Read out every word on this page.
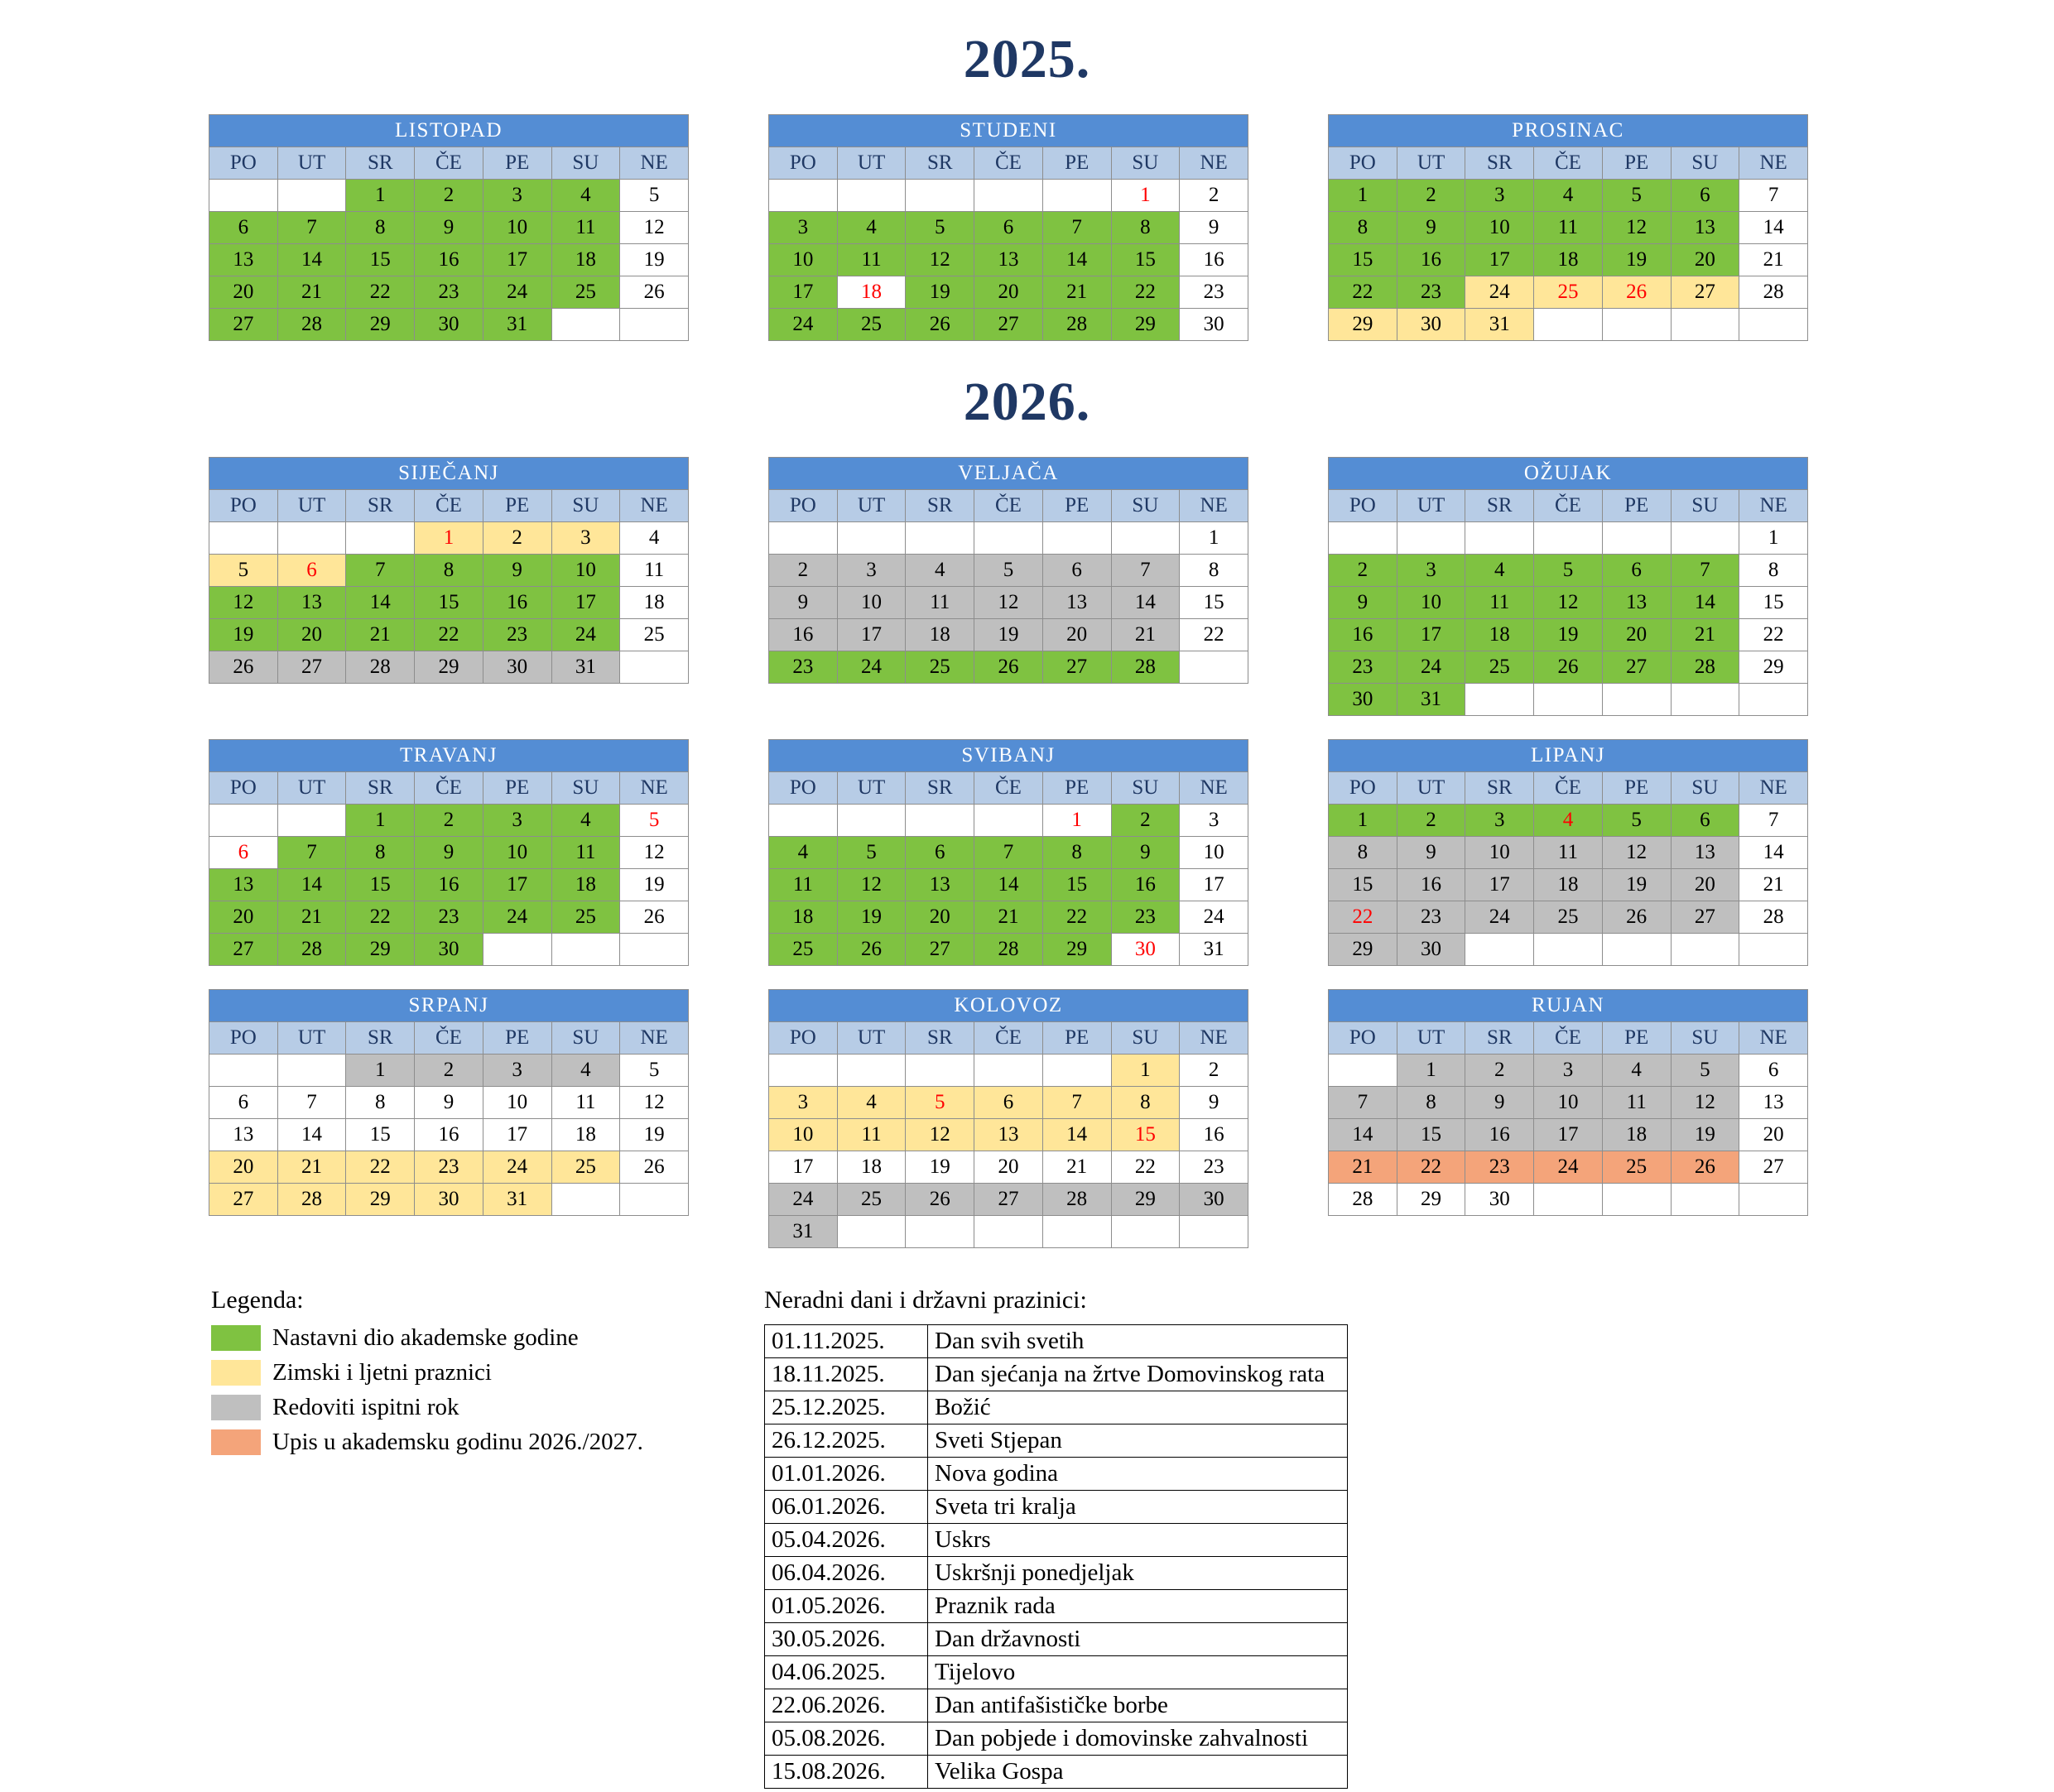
2025.
LISTOPAD						
PO	UT	SR	ČE	PE	SU	NE
		1	2	3	4	5
6	7	8	9	10	11	12
13	14	15	16	17	18	19
20	21	22	23	24	25	26
27	28	29	30	31		
STUDENI						
PO	UT	SR	ČE	PE	SU	NE
					1	2
3	4	5	6	7	8	9
10	11	12	13	14	15	16
17	18	19	20	21	22	23
24	25	26	27	28	29	30
PROSINAC						
PO	UT	SR	ČE	PE	SU	NE
1	2	3	4	5	6	7
8	9	10	11	12	13	14
15	16	17	18	19	20	21
22	23	24	25	26	27	28
29	30	31				
2026.
SIJEČANJ						
PO	UT	SR	ČE	PE	SU	NE
			1	2	3	4
5	6	7	8	9	10	11
12	13	14	15	16	17	18
19	20	21	22	23	24	25
26	27	28	29	30	31	
VELJAČA						
PO	UT	SR	ČE	PE	SU	NE
						1
2	3	4	5	6	7	8
9	10	11	12	13	14	15
16	17	18	19	20	21	22
23	24	25	26	27	28	
OŽUJAK						
PO	UT	SR	ČE	PE	SU	NE
						1
2	3	4	5	6	7	8
9	10	11	12	13	14	15
16	17	18	19	20	21	22
23	24	25	26	27	28	29
30	31					
TRAVANJ						
PO	UT	SR	ČE	PE	SU	NE
		1	2	3	4	5
6	7	8	9	10	11	12
13	14	15	16	17	18	19
20	21	22	23	24	25	26
27	28	29	30			
SVIBANJ						
PO	UT	SR	ČE	PE	SU	NE
				1	2	3
4	5	6	7	8	9	10
11	12	13	14	15	16	17
18	19	20	21	22	23	24
25	26	27	28	29	30	31
LIPANJ						
PO	UT	SR	ČE	PE	SU	NE
1	2	3	4	5	6	7
8	9	10	11	12	13	14
15	16	17	18	19	20	21
22	23	24	25	26	27	28
29	30					
SRPANJ						
PO	UT	SR	ČE	PE	SU	NE
		1	2	3	4	5
6	7	8	9	10	11	12
13	14	15	16	17	18	19
20	21	22	23	24	25	26
27	28	29	30	31		
KOLOVOZ						
PO	UT	SR	ČE	PE	SU	NE
					1	2
3	4	5	6	7	8	9
10	11	12	13	14	15	16
17	18	19	20	21	22	23
24	25	26	27	28	29	30
31						
RUJAN						
PO	UT	SR	ČE	PE	SU	NE
	1	2	3	4	5	6
7	8	9	10	11	12	13
14	15	16	17	18	19	20
21	22	23	24	25	26	27
28	29	30				
Legenda:
Nastavni dio akademske godine
Zimski i ljetni praznici
Redoviti ispitni rok
Upis u akademsku godinu 2026./2027.
Neradni dani i državni prazinici:
01.11.2025.	Dan svih svetih
18.11.2025.	Dan sjećanja na žrtve Domovinskog rata
25.12.2025.	Božić
26.12.2025.	Sveti Stjepan
01.01.2026.	Nova godina
06.01.2026.	Sveta tri kralja
05.04.2026.	Uskrs
06.04.2026.	Uskršnji ponedjeljak
01.05.2026.	Praznik rada
30.05.2026.	Dan državnosti
04.06.2025.	Tijelovo
22.06.2026.	Dan antifašističke borbe
05.08.2026.	Dan pobjede i domovinske zahvalnosti
15.08.2026.	Velika Gospa
